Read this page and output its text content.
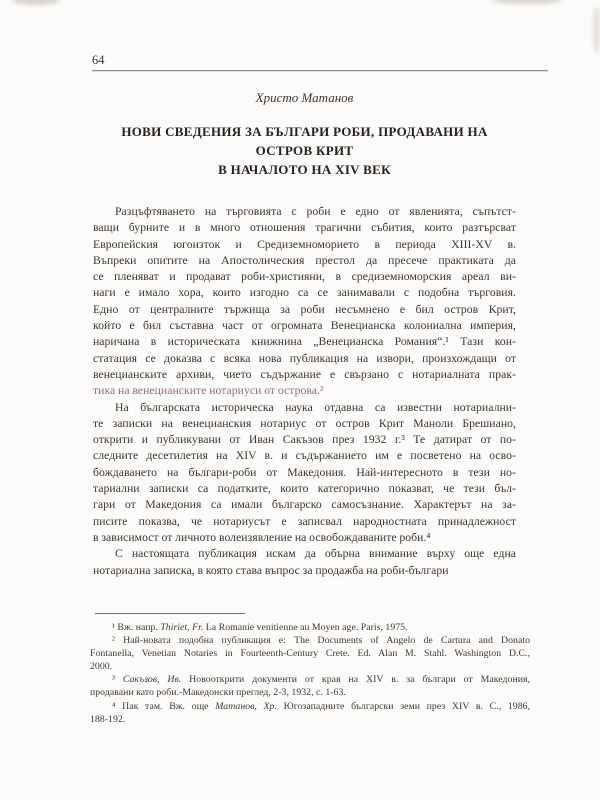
64
Христо Матанов
НОВИ СВЕДЕНИЯ ЗА БЪЛГАРИ РОБИ, ПРОДАВАНИ НА
ОСТРОВ КРИТ
В НАЧАЛОТО НА XIV ВЕК
Разцъфтяването на търговията с роби е едно от явленията, съпътст-
ващи бурните и в много отношения трагични събития, които разтърсват
Европейския югоизток и Средиземноморието в периода XIII-XV в.
Въпреки опитите на Апостолическия престол да пресече практиката да
се пленяват и продават роби-християни, в средиземноморския ареал ви-
наги е имало хора, които изгодно са се занимавали с подобна търговия.
Едно от централните тържища за роби несъмнено е бил остров Крит,
който е бил съставна част от огромната Венецианска колониална империя,
наричана в историческата книжнина „Венецианска Романия“.¹ Тази кон-
статация се доказва с всяка нова публикация на извори, произхождащи от
венецианските архиви, чието съдържание е свързано с нотариалната прак-
тика на венецианските нотариуси от острова.²
На българската историческа наука отдавна са известни нотариални-
те записки на венецианския нотариус от остров Крит Маноли Брешиано,
открити и публикувани от Иван Сакъзов през 1932 г.³ Те датират от по-
следните десетилетия на XIV в. и съдържанието им е посветено на осво-
бождаването на българи-роби от Македония. Най-интересното в тези но-
тариални записки са податките, които категорично показват, че тези бъл-
гари от Македония са имали българско самосъзнание. Характерът на за-
писите показва, че нотариусът е записвал народностната принадлежност
в зависимост от личното волеизявление на освобождаваните роби.⁴
С настоящата публикация искам да обърна внимание върху още една
нотариална записка, в която става въпрос за продажба на роби-българи
¹ Вж. напр. Thiriet, Fr. La Romanie venitienne au Moyen age. Paris, 1975.
² Най-новата подобна публикация е: The Documents of Angelo de Cartura and Donato
Fontanella, Venetian Notaries in Fourteenth-Century Crete. Ed. Alan M. Stahl. Washington D.C.,
2000.
³ Сакъзов, Ив. Новооткрити документи от края на XIV в. за българи от Македония,
продавани като роби.-Македонски преглед, 2-3, 1932, с. 1-63.
⁴ Пак там. Вж. още Матанов, Хр. Югозападните български земи през XIV в. С., 1986,
188-192.
